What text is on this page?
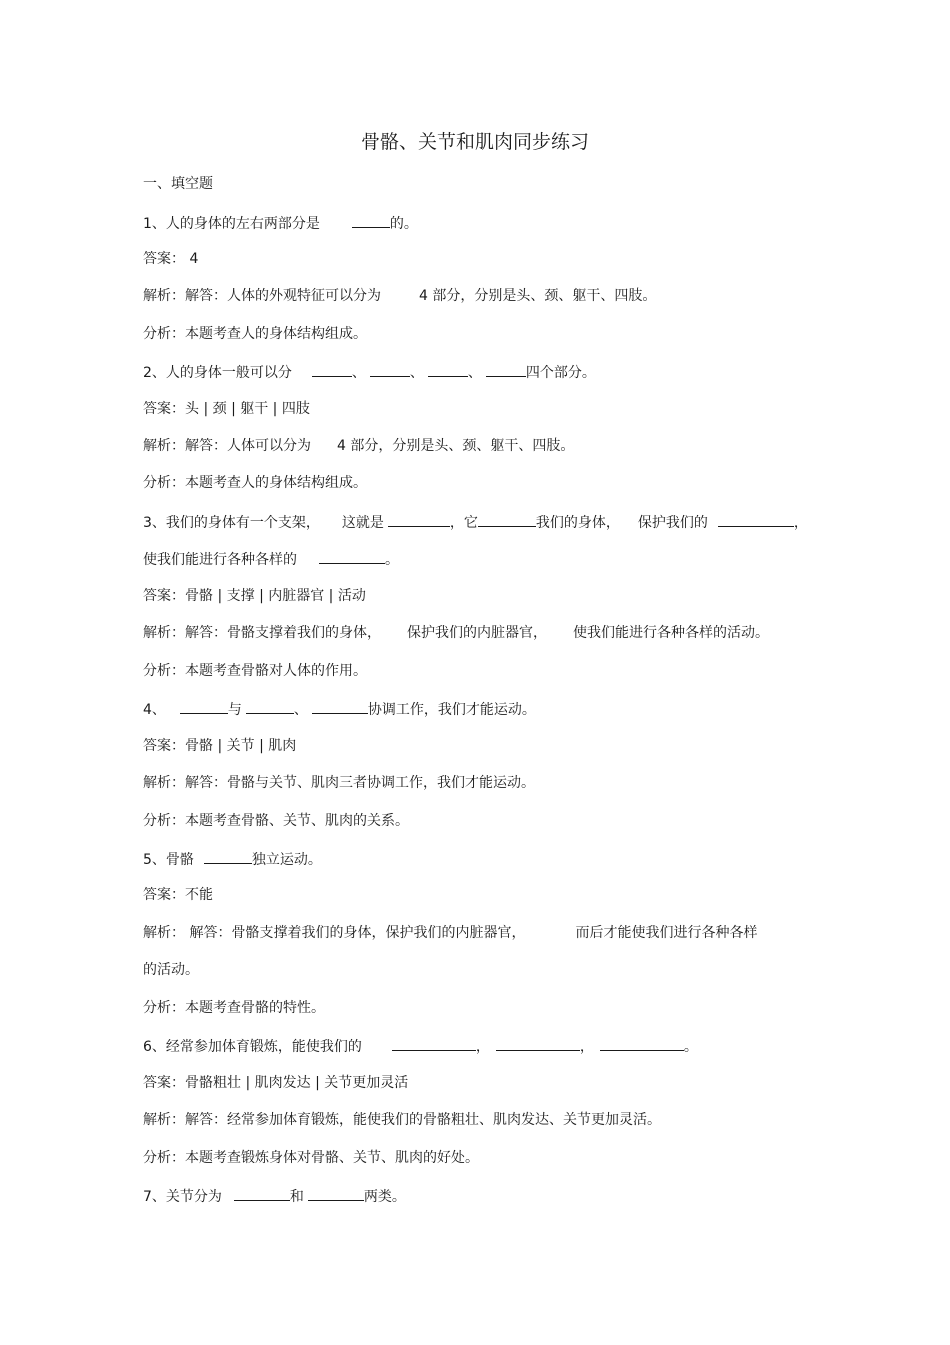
骨骼、关节和肌肉同步练习
一、填空题
1、人的身体的左右两部分是	的。
答案： 4
解析：解答：人体的外观特征可以分为	4 部分，分别是头、颈、躯干、四肢。
分析：本题考查人的身体结构组成。
2、人的身体一般可以分	、	、	、	四个部分。
答案：头 | 颈 | 躯干 | 四肢
解析：解答：人体可以分为 4 部分，分别是头、颈、躯干、四肢。
分析：本题考查人的身体结构组成。
3、我们的身体有一个支架， 这就是	，它	我们的身体， 保护我们的	，
使我们能进行各种各样的	。
答案：骨骼 | 支撑 | 内脏器官 | 活动
解析：解答：骨骼支撑着我们的身体， 保护我们的内脏器官， 使我们能进行各种各样的活动。
分析：本题考查骨骼对人体的作用。
4、	与	、	协调工作，我们才能运动。
答案：骨骼 | 关节 | 肌肉
解析：解答：骨骼与关节、肌肉三者协调工作，我们才能运动。
分析：本题考查骨骼、关节、肌肉的关系。
5、骨骼	独立运动。
答案：不能
解析： 解答：骨骼支撑着我们的身体，保护我们的内脏器官，	而后才能使我们进行各种各样
的活动。
分析：本题考查骨骼的特性。
6、经常参加体育锻炼，能使我们的	，	，	。
答案：骨骼粗壮 | 肌肉发达 | 关节更加灵活
解析：解答：经常参加体育锻炼，能使我们的骨骼粗壮、肌肉发达、关节更加灵活。
分析：本题考查锻炼身体对骨骼、关节、肌肉的好处。
7、关节分为	和	两类。
